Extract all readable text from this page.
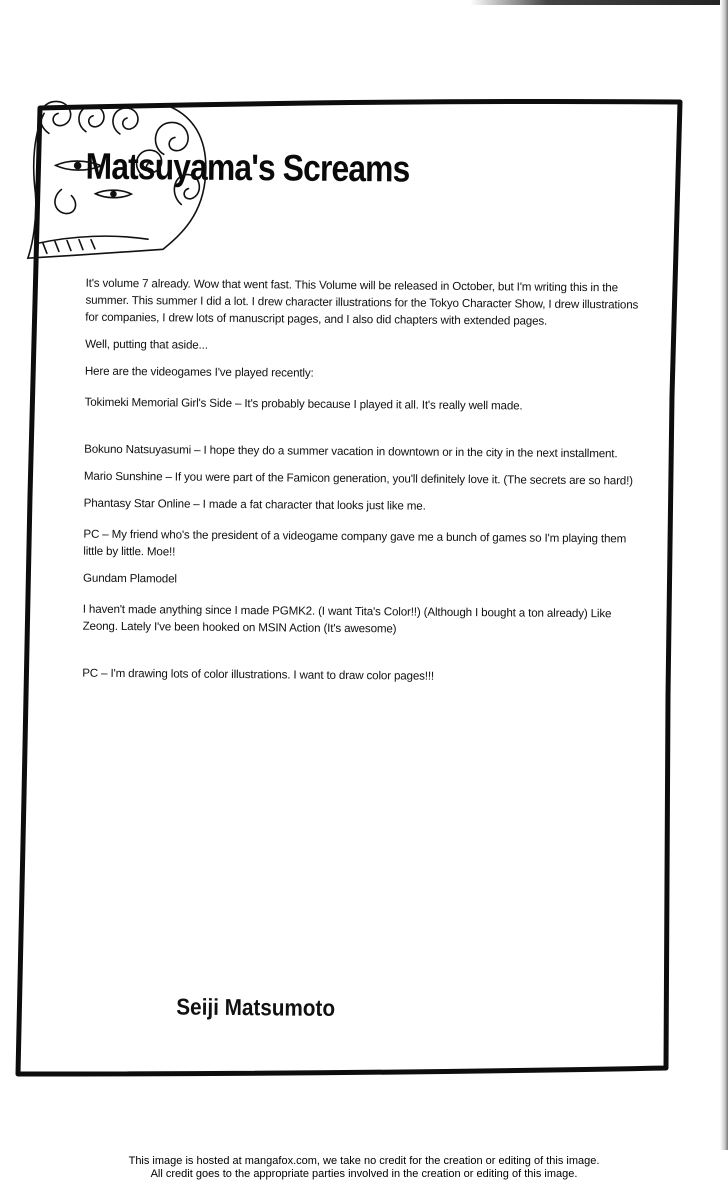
Matsuyama's Screams

It's volume 7 already. Wow that went fast. This Volume will be released in October, but I'm writing this in the summer. This summer I did a lot. I drew character illustrations for the Tokyo Character Show, I drew illustrations for companies, I drew lots of manuscript pages, and I also did chapters with extended pages.

Well, putting that aside...

Here are the videogames I've played recently:

Tokimeki Memorial Girl's Side – It's probably because I played it all. It's really well made.

Bokuno Natsuyasumi – I hope they do a summer vacation in downtown or in the city in the next installment.

Mario Sunshine – If you were part of the Famicon generation, you'll definitely love it. (The secrets are so hard!)

Phantasy Star Online – I made a fat character that looks just like me.

PC – My friend who's the president of a videogame company gave me a bunch of games so I'm playing them little by little. Moe!!

Gundam Plamodel

I haven't made anything since I made PGMK2. (I want Tita's Color!!) (Although I bought a ton already) Like Zeong. Lately I've been hooked on MSIN Action (It's awesome)

PC – I'm drawing lots of color illustrations. I want to draw color pages!!!

Seiji Matsumoto

This image is hosted at mangafox.com, we take no credit for the creation or editing of this image.

All credit goes to the appropriate parties involved in the creation or editing of this image.
